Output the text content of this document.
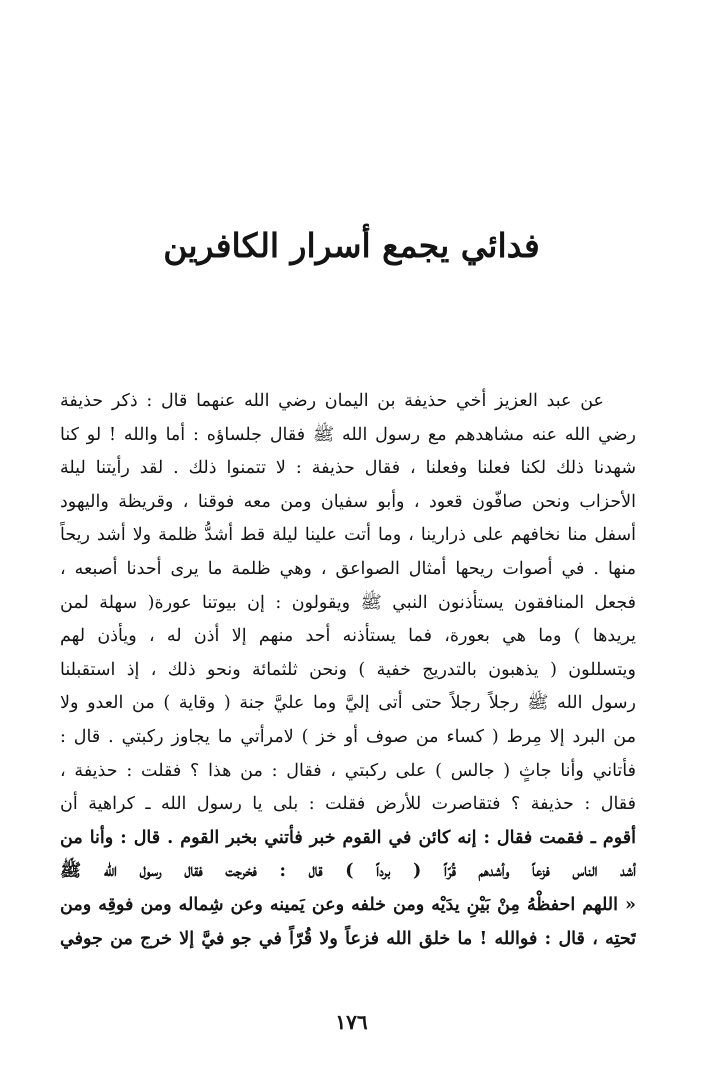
فدائي يجمع أسرار الكافرين
عن عبد العزيز أخي حذيفة بن اليمان رضي الله عنهما قال : ذكر حذيفة
رضي الله عنه مشاهدهم مع رسول الله ﷺ فقال جلساؤه : أما والله ! لو كنا
شهدنا ذلك لكنا فعلنا وفعلنا ، فقال حذيفة : لا تتمنوا ذلك . لقد رأيتنا ليلة
الأحزاب ونحن صافّون قعود ، وأبو سفيان ومن معه فوقنا ، وقريظة واليهود
أسفل منا نخافهم على ذرارينا ، وما أتت علينا ليلة قط أشدُّ ظلمة ولا أشد ريحاً
منها . في أصوات ريحها أمثال الصواعق ، وهي ظلمة ما يرى أحدنا أصبعه ،
فجعل المنافقون يستأذنون النبي ﷺ ويقولون : إن بيوتنا عورة( سهلة لمن
يريدها ) وما هي بعورة، فما يستأذنه أحد منهم إلا أذن له ، ويأذن لهم
ويتسللون ( يذهبون بالتدريج خفية ) ونحن ثلثمائة ونحو ذلك ، إذ استقبلنا
رسول الله ﷺ رجلاً رجلاً حتى أتى إليَّ وما عليَّ جنة ( وقاية ) من العدو ولا
من البرد إلا مِرط ( كساء من صوف أو خز ) لامرأتي ما يجاوز ركبتي . قال :
فأتاني وأنا جاثٍ ( جالس ) على ركبتي ، فقال : من هذا ؟ فقلت : حذيفة ،
فقال : حذيفة ؟ فتقاصرت للأرض فقلت : بلى يا رسول الله ـ كراهية أن
أقوم ـ فقمت فقال : إنه كائن في القوم خبر فأتني بخبر القوم . قال : وأنا من
أشد الناس فزعاً وأشدهم قُرّاً ( برداً ) قال : فخرجت فقال رسول الله ﷺ
« اللهم احفظْهُ مِنْ بَيْنِ يدَيْه ومن خلفه وعن يَمينه وعن شِماله ومن فوقِه ومن
تَحتِه ، قال : فوالله ! ما خلق الله فزعاً ولا قُرّاً في جو فيَّ إلا خرج من جوفي
١٧٦
